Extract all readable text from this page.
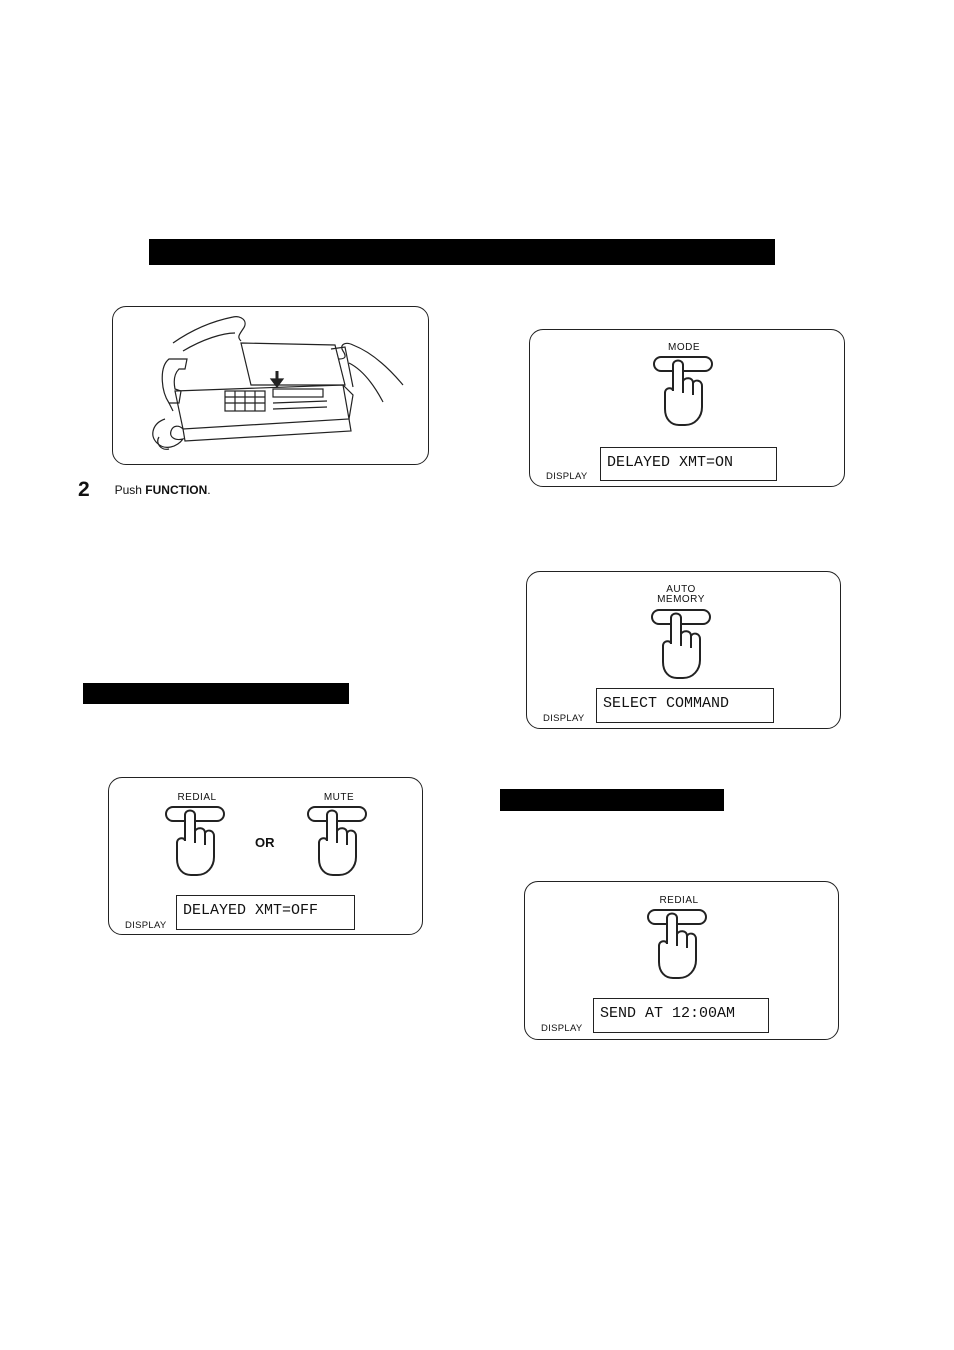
2 Push FUNCTION.
MODE
DISPLAY
DELAYED XMT=ON
AUTO
MEMORY
DISPLAY
SELECT COMMAND
REDIAL
OR
MUTE
DISPLAY
DELAYED XMT=OFF
REDIAL
DISPLAY
SEND AT 12:00AM
